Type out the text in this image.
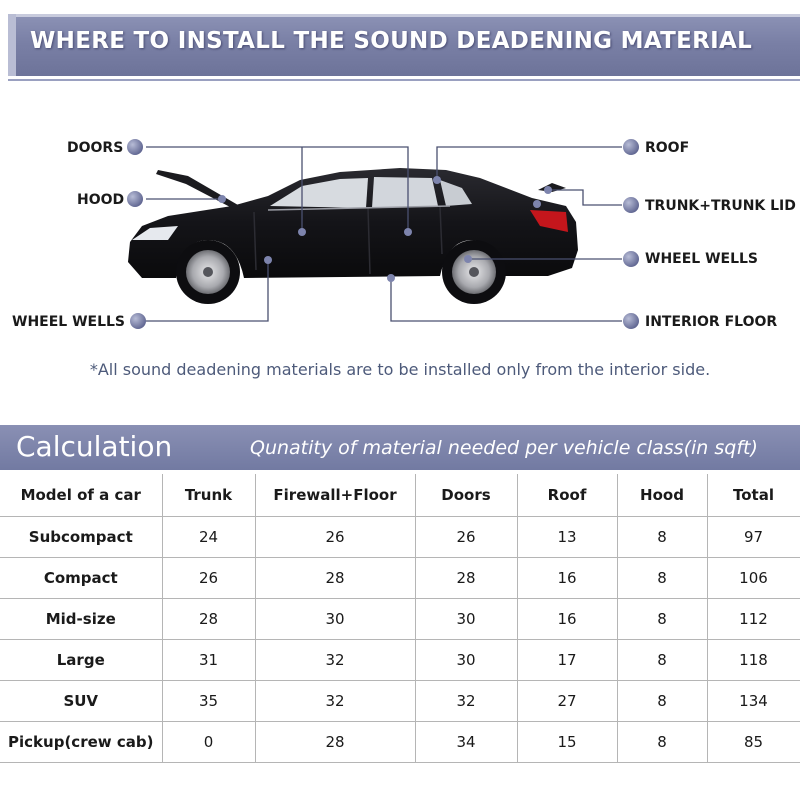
WHERE TO INSTALL THE SOUND DEADENING MATERIAL
DOORS
HOOD
WHEEL WELLS
ROOF
TRUNK+TRUNK LID
WHEEL WELLS
INTERIOR FLOOR
*All sound deadening materials are to be installed only from the interior side.
Calculation	Qunatity of material needed per vehicle class(in sqft)
Model of a car	Trunk	Firewall+Floor	Doors	Roof	Hood	Total
Subcompact	24	26	26	13	8	97
Compact	26	28	28	16	8	106
Mid-size	28	30	30	16	8	112
Large	31	32	30	17	8	118
SUV	35	32	32	27	8	134
Pickup(crew cab)	0	28	34	15	8	85
